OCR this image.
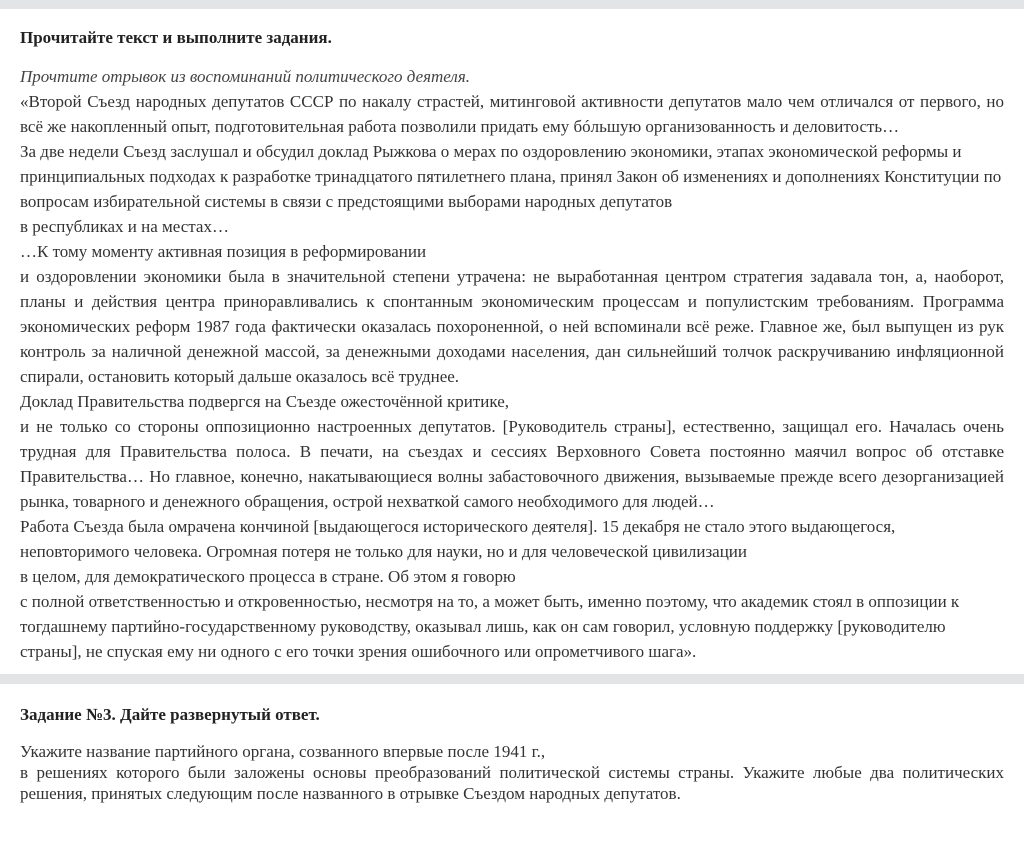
Прочитайте текст и выполните задания.

Прочтите отрывок из воспоминаний политического деятеля.

«Второй Съезд народных депутатов СССР по накалу страстей, митинговой активности депутатов мало чем отличался от первого, но всё же накопленный опыт, подготовительная работа позволили придать ему бóльшую организованность и деловитость…

За две недели Съезд заслушал и обсудил доклад Рыжкова о мерах по оздоровлению экономики, этапах экономической реформы и принципиальных подходах к разработке тринадцатого пятилетнего плана, принял Закон об изменениях и дополнениях Конституции по вопросам избирательной системы в связи с предстоящими выборами народных депутатов

в республиках и на местах…

…К тому моменту активная позиция в реформировании

и оздоровлении экономики была в значительной степени утрачена: не выработанная центром стратегия задавала тон, а, наоборот, планы и действия центра приноравливались к спонтанным экономическим процессам и популистским требованиям. Программа экономических реформ 1987 года фактически оказалась похороненной, о ней вспоминали всё реже. Главное же, был выпущен из рук контроль за наличной денежной массой, за денежными доходами населения, дан сильнейший толчок раскручиванию инфляционной спирали, остановить который дальше оказалось всё труднее.

Доклад Правительства подвергся на Съезде ожесточённой критике,

и не только со стороны оппозиционно настроенных депутатов. [Руководитель страны], естественно, защищал его. Началась очень трудная для Правительства полоса. В печати, на съездах и сессиях Верховного Совета постоянно маячил вопрос об отставке Правительства… Но главное, конечно, накатывающиеся волны забастовочного движения, вызываемые прежде всего дезорганизацией рынка, товарного и денежного обращения, острой нехваткой самого необходимого для людей…

Работа Съезда была омрачена кончиной [выдающегося исторического деятеля]. 15 декабря не стало этого выдающегося, неповторимого человека. Огромная потеря не только для науки, но и для человеческой цивилизации

в целом, для демократического процесса в стране. Об этом я говорю

с полной ответственностью и откровенностью, несмотря на то, а может быть, именно поэтому, что академик стоял в оппозиции к тогдашнему партийно-государственному руководству, оказывал лишь, как он сам говорил, условную поддержку [руководителю страны], не спуская ему ни одного с его точки зрения ошибочного или опрометчивого шага».

Задание №3. Дайте развернутый ответ.

Укажите название партийного органа, созванного впервые после 1941 г.,

в решениях которого были заложены основы преобразований политической системы страны. Укажите любые два политических решения, принятых следующим после названного в отрывке Съездом народных депутатов.
